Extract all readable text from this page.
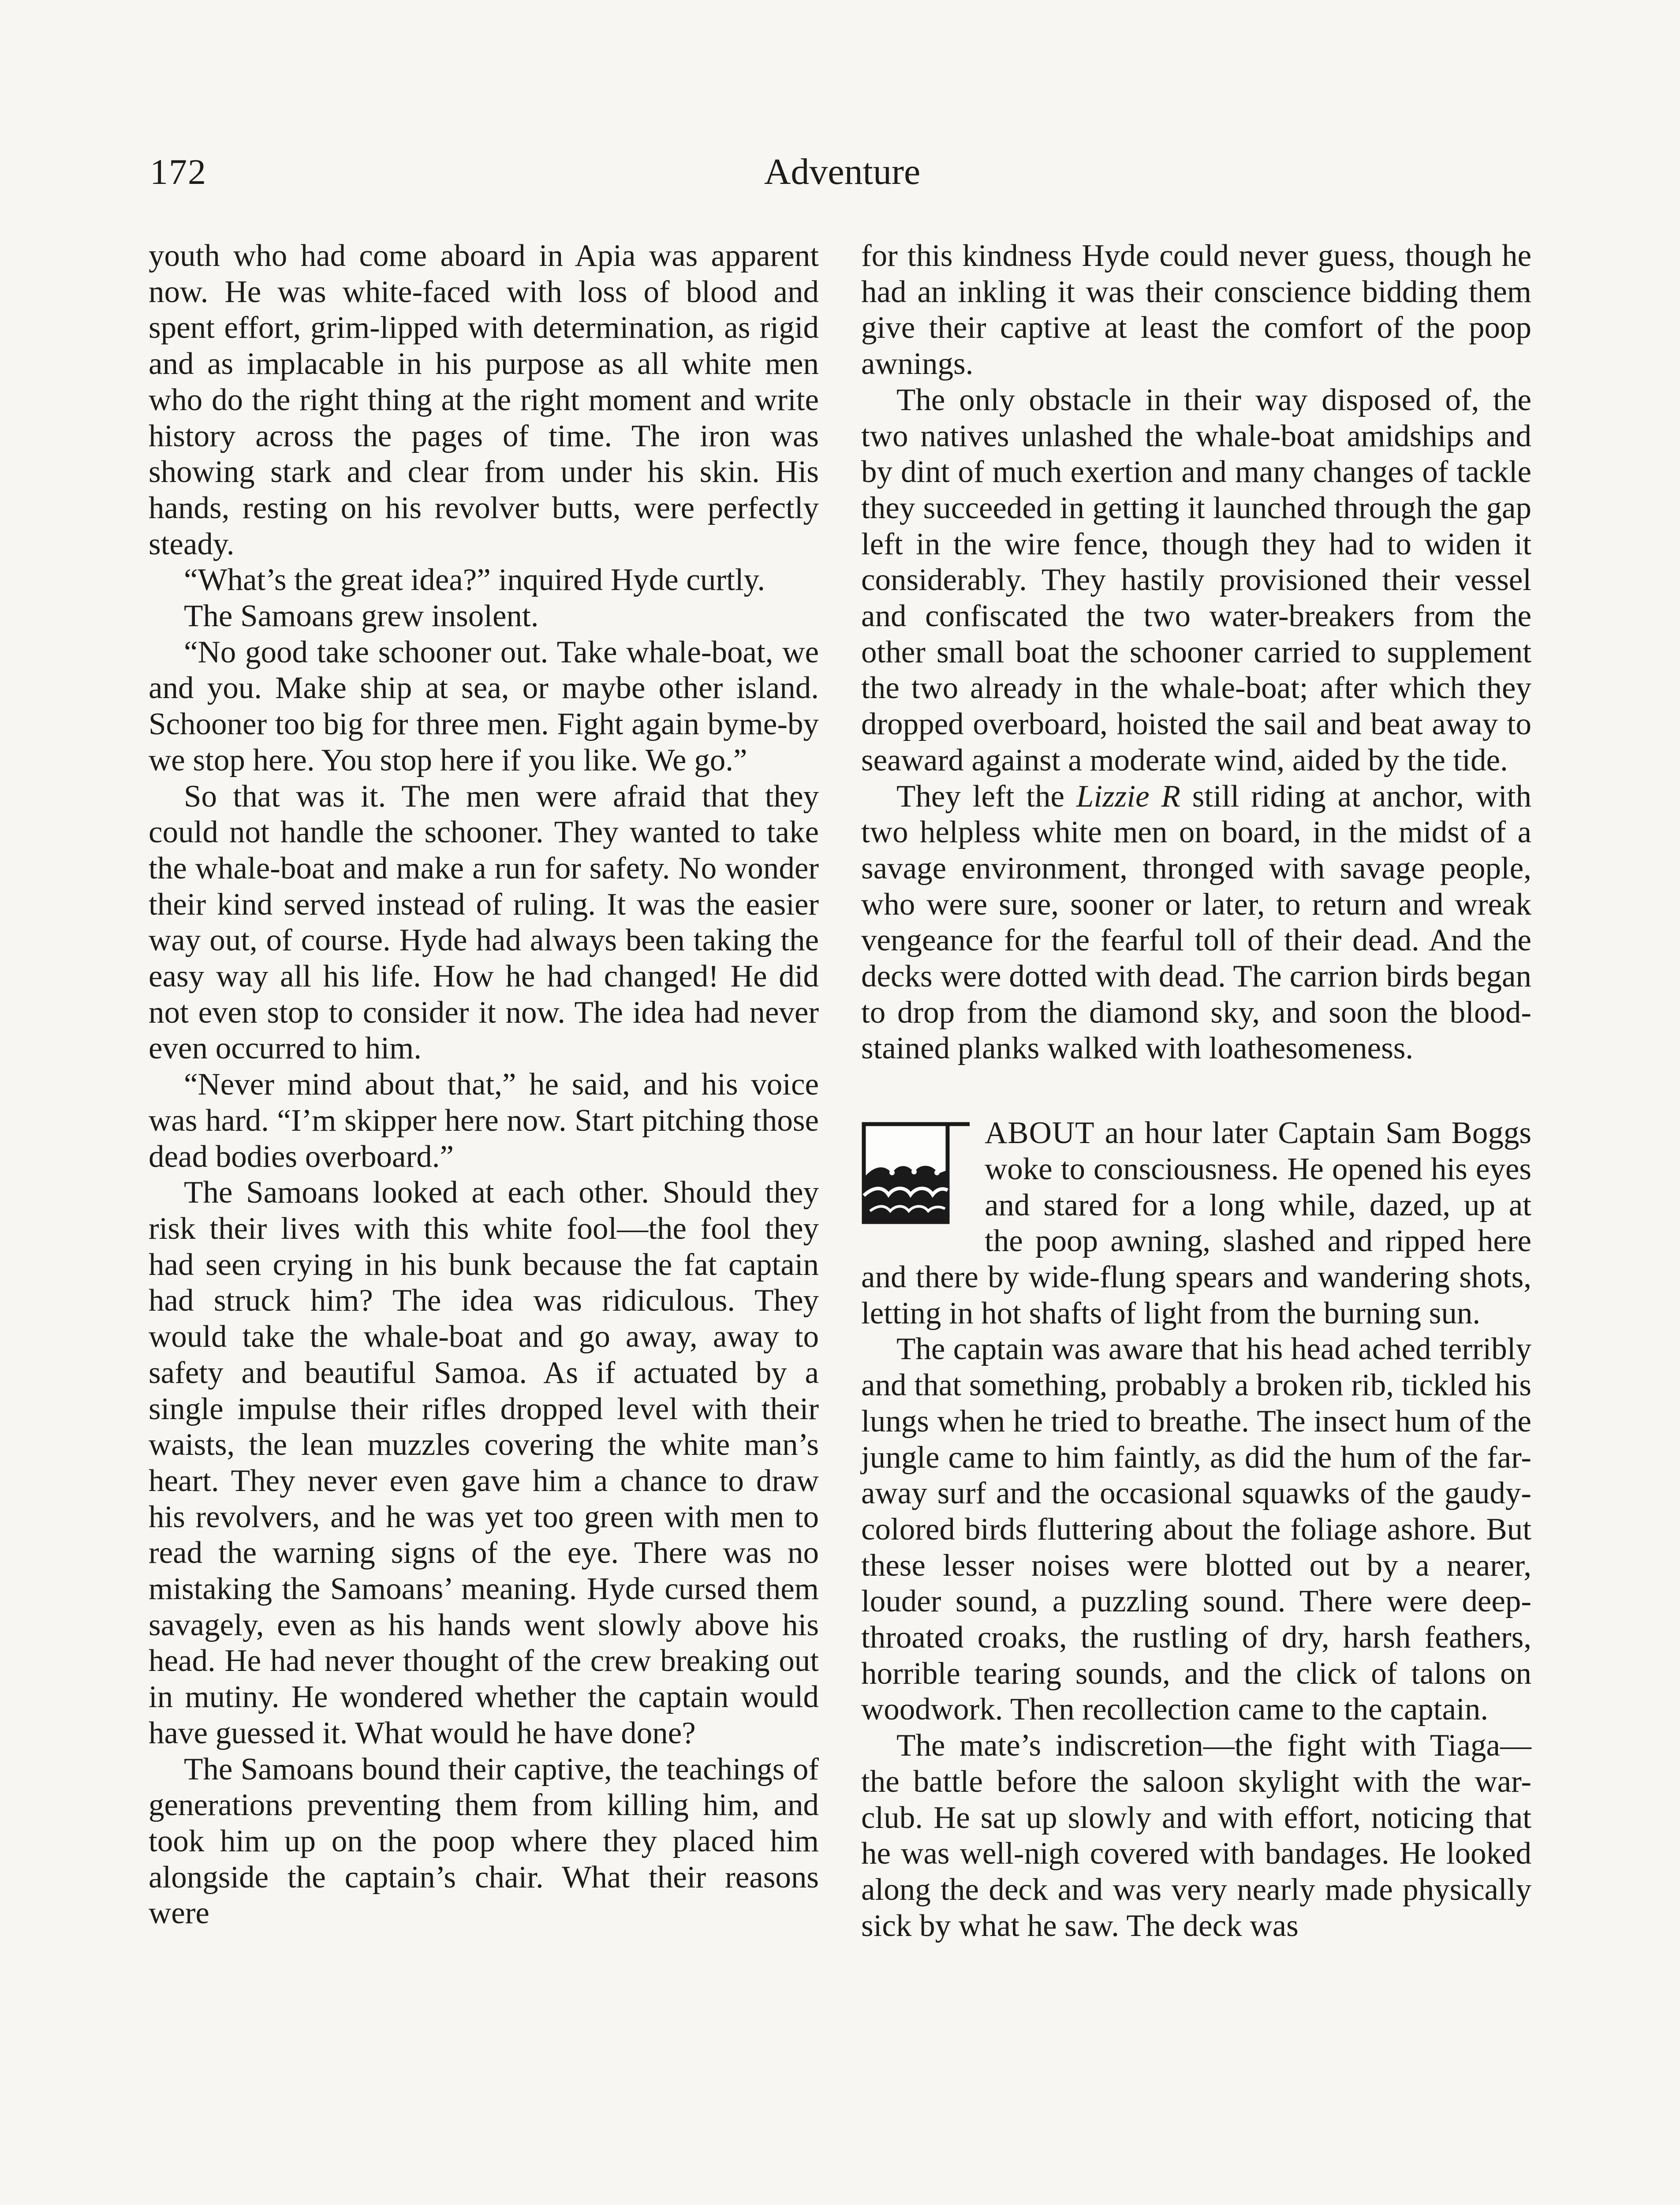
172	Adventure

youth who had come aboard in Apia was apparent now. He was white-faced with loss of blood and spent effort, grim-lipped with determination, as rigid and as implacable in his purpose as all white men who do the right thing at the right moment and write history across the pages of time. The iron was showing stark and clear from under his skin. His hands, resting on his revolver butts, were perfectly steady.

“What’s the great idea?” inquired Hyde curtly.

The Samoans grew insolent.

“No good take schooner out. Take whale-boat, we and you. Make ship at sea, or maybe other island. Schooner too big for three men. Fight again byme-by we stop here. You stop here if you like. We go.”

So that was it. The men were afraid that they could not handle the schooner. They wanted to take the whale-boat and make a run for safety. No wonder their kind served instead of ruling. It was the easier way out, of course. Hyde had always been taking the easy way all his life. How he had changed! He did not even stop to consider it now. The idea had never even occurred to him.

“Never mind about that,” he said, and his voice was hard. “I’m skipper here now. Start pitching those dead bodies overboard.”

The Samoans looked at each other. Should they risk their lives with this white fool—the fool they had seen crying in his bunk because the fat captain had struck him? The idea was ridiculous. They would take the whale-boat and go away, away to safety and beautiful Samoa. As if actuated by a single impulse their rifles dropped level with their waists, the lean muzzles covering the white man’s heart. They never even gave him a chance to draw his revolvers, and he was yet too green with men to read the warning signs of the eye. There was no mistaking the Samoans’ meaning. Hyde cursed them savagely, even as his hands went slowly above his head. He had never thought of the crew breaking out in mutiny. He wondered whether the captain would have guessed it. What would he have done?

The Samoans bound their captive, the teachings of generations preventing them from killing him, and took him up on the poop where they placed him alongside the captain’s chair. What their reasons were

for this kindness Hyde could never guess, though he had an inkling it was their conscience bidding them give their captive at least the comfort of the poop awnings.

The only obstacle in their way disposed of, the two natives unlashed the whale-boat amidships and by dint of much exertion and many changes of tackle they succeeded in getting it launched through the gap left in the wire fence, though they had to widen it considerably. They hastily provisioned their vessel and confiscated the two water-breakers from the other small boat the schooner carried to supplement the two already in the whale-boat; after which they dropped overboard, hoisted the sail and beat away to seaward against a moderate wind, aided by the tide.

They left the Lizzie R still riding at anchor, with two helpless white men on board, in the midst of a savage environment, thronged with savage people, who were sure, sooner or later, to return and wreak vengeance for the fearful toll of their dead. And the decks were dotted with dead. The carrion birds began to drop from the diamond sky, and soon the blood-stained planks walked with loathesomeness.

ABOUT an hour later Captain Sam Boggs woke to consciousness. He opened his eyes and stared for a long while, dazed, up at the poop awning, slashed and ripped here and there by wide-flung spears and wandering shots, letting in hot shafts of light from the burning sun.

The captain was aware that his head ached terribly and that something, probably a broken rib, tickled his lungs when he tried to breathe. The insect hum of the jungle came to him faintly, as did the hum of the far-away surf and the occasional squawks of the gaudy-colored birds fluttering about the foliage ashore. But these lesser noises were blotted out by a nearer, louder sound, a puzzling sound. There were deep-throated croaks, the rustling of dry, harsh feathers, horrible tearing sounds, and the click of talons on woodwork. Then recollection came to the captain.

The mate’s indiscretion—the fight with Tiaga—the battle before the saloon skylight with the war-club. He sat up slowly and with effort, noticing that he was well-nigh covered with bandages. He looked along the deck and was very nearly made physically sick by what he saw. The deck was
